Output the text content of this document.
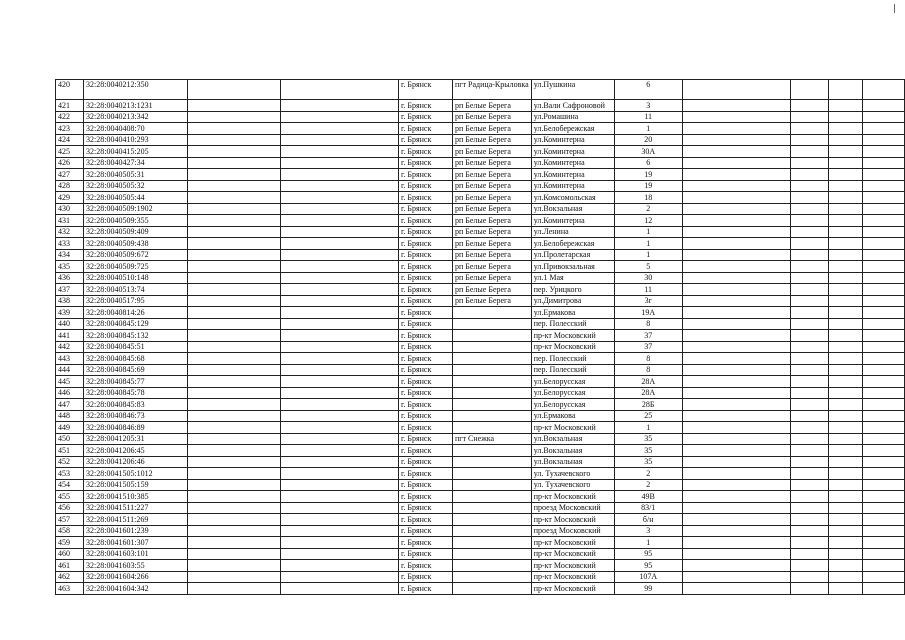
420	32:28:0040212:350			г. Брянск	пгт Радица-Крыловка	ул.Пушкина	6				
421	32:28:0040213:1231			г. Брянск	рп Белые Берега	ул.Вали Сафроновой	3				
422	32:28:0040213:342			г. Брянск	рп Белые Берега	ул.Ромашина	11				
423	32:28:0040408:70			г. Брянск	рп Белые Берега	ул.Белобережская	1				
424	32:28:0040410:293			г. Брянск	рп Белые Берега	ул.Коминтерна	20				
425	32:28:0040415:205			г. Брянск	рп Белые Берега	ул.Коминтерна	30А				
426	32:28:0040427:34			г. Брянск	рп Белые Берега	ул.Коминтерна	6				
427	32:28:0040505:31			г. Брянск	рп Белые Берега	ул.Коминтерна	19				
428	32:28:0040505:32			г. Брянск	рп Белые Берега	ул.Коминтерна	19				
429	32:28:0040505:44			г. Брянск	рп Белые Берега	ул.Комсомольская	18				
430	32:28:0040509:1902			г. Брянск	рп Белые Берега	ул.Вокзальная	2				
431	32:28:0040509:355			г. Брянск	рп Белые Берега	ул.Коминтерна	12				
432	32:28:0040509:409			г. Брянск	рп Белые Берега	ул.Ленина	1				
433	32:28:0040509:438			г. Брянск	рп Белые Берега	ул.Белобережская	1				
434	32:28:0040509:672			г. Брянск	рп Белые Берега	ул.Пролетарская	1				
435	32:28:0040509:725			г. Брянск	рп Белые Берега	ул.Привокзальная	5				
436	32:28:0040510:148			г. Брянск	рп Белые Берега	ул.1 Мая	30				
437	32:28:0040513:74			г. Брянск	рп Белые Берега	пер. Урицкого	11				
438	32:28:0040517:95			г. Брянск	рп Белые Берега	ул.Димитрова	3г				
439	32:28:0040814:26			г. Брянск		ул.Ермакова	19А				
440	32:28:0040845:129			г. Брянск		пер. Полесский	8				
441	32:28:0040845:132			г. Брянск		пр-кт Московский	37				
442	32:28:0040845:51			г. Брянск		пр-кт Московский	37				
443	32:28:0040845:68			г. Брянск		пер. Полесский	8				
444	32:28:0040845:69			г. Брянск		пер. Полесский	8				
445	32:28:0040845:77			г. Брянск		ул.Белорусская	28А				
446	32:28:0040845:78			г. Брянск		ул.Белорусская	28А				
447	32:28:0040845:83			г. Брянск		ул.Белорусская	28Б				
448	32:28:0040846:73			г. Брянск		ул.Ермакова	25				
449	32:28:0040846:89			г. Брянск		пр-кт Московский	1				
450	32:28:0041205:31			г. Брянск	пгт Снежка	ул.Вокзальная	35				
451	32:28:0041206:45			г. Брянск		ул.Вокзальная	35				
452	32:28:0041206:46			г. Брянск		ул.Вокзальная	35				
453	32:28:0041505:1012			г. Брянск		ул. Тухачевского	2				
454	32:28:0041505:159			г. Брянск		ул. Тухачевского	2				
455	32:28:0041510:385			г. Брянск		пр-кт Московский	49В				
456	32:28:0041511:227			г. Брянск		проезд Московский	83/1				
457	32:28:0041511:269			г. Брянск		пр-кт Московский	б/н				
458	32:28:0041601:239			г. Брянск		проезд Московский	3				
459	32:28:0041601:307			г. Брянск		пр-кт Московский	1				
460	32:28:0041603:101			г. Брянск		пр-кт Московский	95				
461	32:28:0041603:55			г. Брянск		пр-кт Московский	95				
462	32:28:0041604:266			г. Брянск		пр-кт Московский	107А				
463	32:28:0041604:342			г. Брянск		пр-кт Московский	99				
